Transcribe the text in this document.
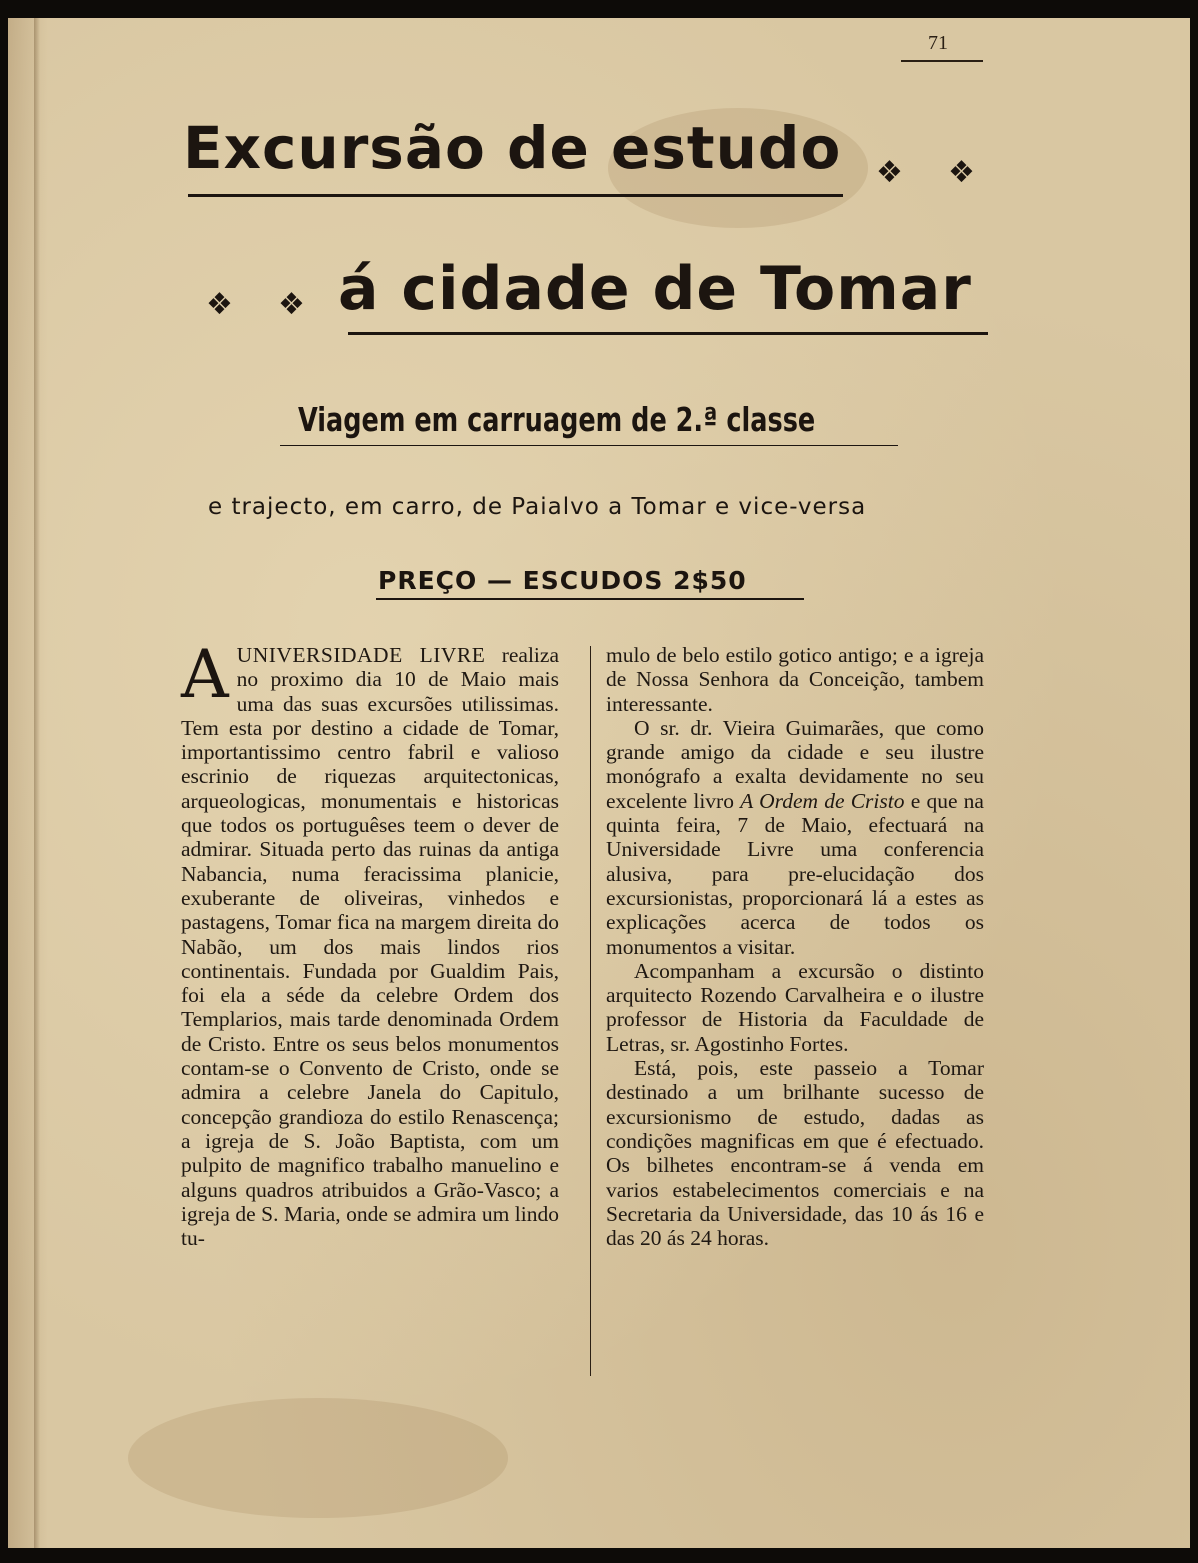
71
Excursão de estudo ❖ ❖
❖ ❖ á cidade de Tomar
Viagem em carruagem de 2.ª classe

e trajecto, em carro, de Paialvo a Tomar e vice-versa

PREÇO — ESCUDOS 2$50

AUNIVERSIDADE LIVRE realiza no proximo dia 10 de Maio mais uma das suas excursões utilissimas. Tem esta por destino a cidade de Tomar, importantissimo centro fabril e valioso escrinio de riquezas arquitectonicas, arqueologicas, monumentais e historicas que todos os portuguêses teem o dever de admirar. Situada perto das ruinas da antiga Nabancia, numa feracissima planicie, exuberante de oliveiras, vinhedos e pastagens, Tomar fica na margem direita do Nabão, um dos mais lindos rios continentais. Fundada por Gualdim Pais, foi ela a séde da celebre Ordem dos Templarios, mais tarde denominada Ordem de Cristo. Entre os seus belos monumentos contam-se o Convento de Cristo, onde se admira a celebre Janela do Capitulo, concepção grandioza do estilo Renascença; a igreja de S. João Baptista, com um pulpito de magnifico trabalho manuelino e alguns quadros atribuidos a Grão-Vasco; a igreja de S. Maria, onde se admira um lindo tu-

mulo de belo estilo gotico antigo; e a igreja de Nossa Senhora da Conceição, tambem interessante.

O sr. dr. Vieira Guimarães, que como grande amigo da cidade e seu ilustre monógrafo a exalta devidamente no seu excelente livro A Ordem de Cristo e que na quinta feira, 7 de Maio, efectuará na Universidade Livre uma conferencia alusiva, para pre-elucidação dos excursionistas, proporcionará lá a estes as explicações acerca de todos os monumentos a visitar.

Acompanham a excursão o distinto arquitecto Rozendo Carvalheira e o ilustre professor de Historia da Faculdade de Letras, sr. Agostinho Fortes.

Está, pois, este passeio a Tomar destinado a um brilhante sucesso de excursionismo de estudo, dadas as condições magnificas em que é efectuado. Os bilhetes encontram-se á venda em varios estabelecimentos comerciais e na Secretaria da Universidade, das 10 ás 16 e das 20 ás 24 horas.
